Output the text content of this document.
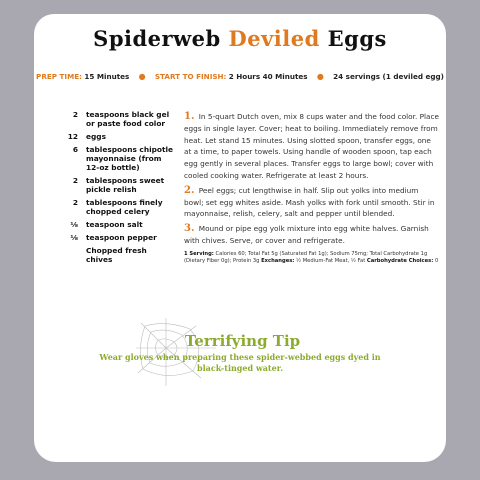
Spiderweb Deviled Eggs
PREP TIME: 15 Minutes ● START TO FINISH: 2 Hours 40 Minutes ● 24 servings (1 deviled egg)
2	teaspoons black gel or paste food color
12	eggs
6	tablespoons chipotle mayonnaise (from 12-oz bottle)
2	tablespoons sweet pickle relish
2	tablespoons finely chopped celery
⅛	teaspoon salt
⅛	teaspoon pepper
Chopped fresh chives
1. In 5-quart Dutch oven, mix 8 cups water and the food color. Place eggs in single layer. Cover; heat to boiling. Immediately remove from heat. Let stand 15 minutes. Using slotted spoon, transfer eggs, one at a time, to paper towels. Using handle of wooden spoon, tap each egg gently in several places. Transfer eggs to large bowl; cover with cooled cooking water. Refrigerate at least 2 hours.
2. Peel eggs; cut lengthwise in half. Slip out yolks into medium bowl; set egg whites aside. Mash yolks with fork until smooth. Stir in mayonnaise, relish, celery, salt and pepper until blended.
3. Mound or pipe egg yolk mixture into egg white halves. Garnish with chives. Serve, or cover and refrigerate.
1 Serving: Calories 60; Total Fat 5g (Saturated Fat 1g); Sodium 75mg; Total Carbohydrate 1g (Dietary Fiber 0g); Protein 3g Exchanges: ½ Medium-Fat Meat, ½ Fat Carbohydrate Choices: 0
Terrifying Tip
Wear gloves when preparing these spider-webbed eggs dyed in
black-tinged water.
Betty Crocker Halloween Cookbook ● 16 ● Bewitching Bites & Drinks
